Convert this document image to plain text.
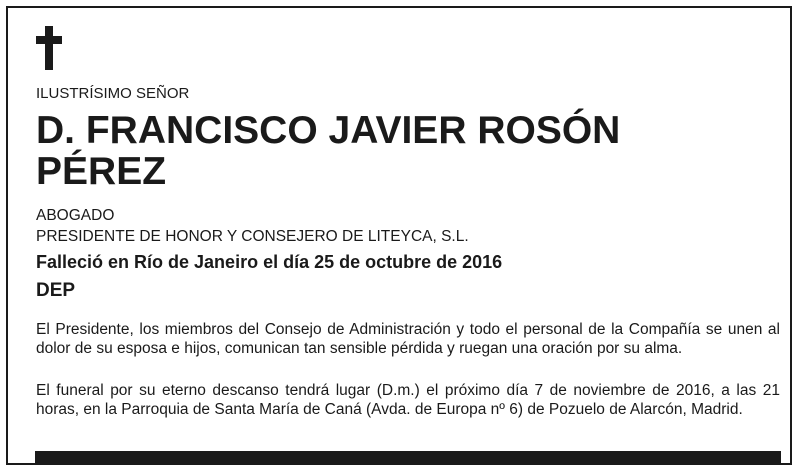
ILUSTRÍSIMO SEÑOR
D. FRANCISCO JAVIER ROSÓN
PÉREZ
ABOGADO
PRESIDENTE DE HONOR Y CONSEJERO DE LITEYCA, S.L.
Falleció en Río de Janeiro el día 25 de octubre de 2016
DEP
El Presidente, los miembros del Consejo de Administración y todo el personal de la Compañía se unen al dolor de su esposa e hijos, comunican tan sensible pérdida y ruegan una oración por su alma.
El funeral por su eterno descanso tendrá lugar (D.m.) el próximo día 7 de noviembre de 2016, a las 21 horas, en la Parroquia de Santa María de Caná (Avda. de Europa nº 6) de Pozuelo de Alarcón, Madrid.
